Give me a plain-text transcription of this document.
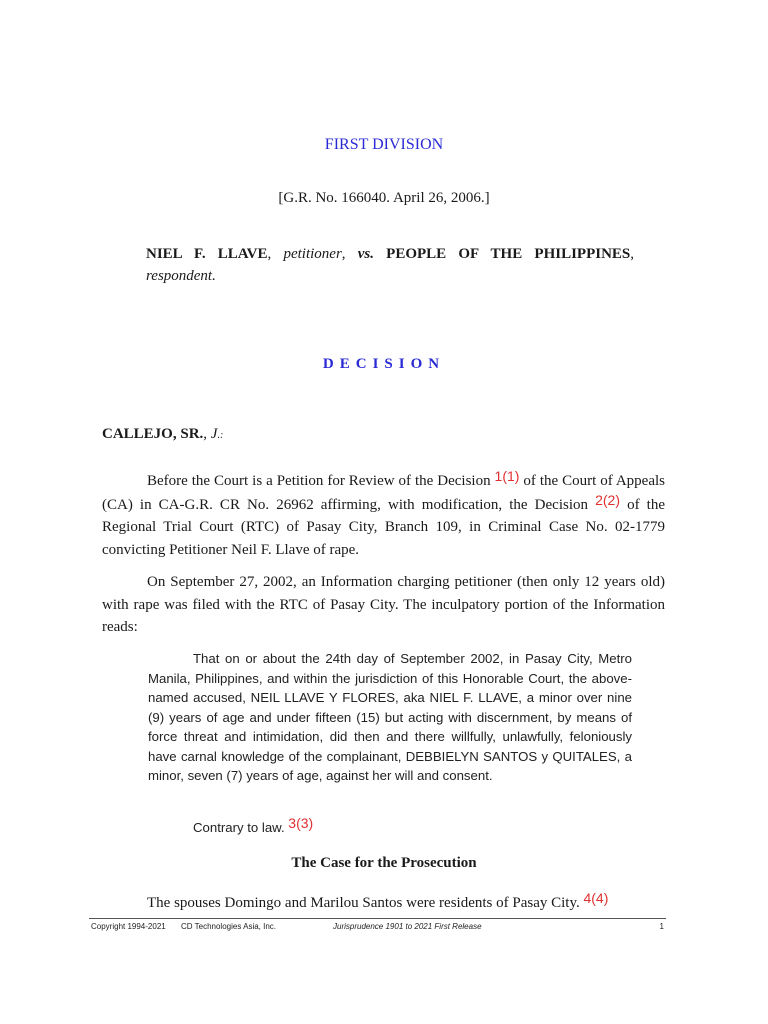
FIRST DIVISION
[G.R. No. 166040. April 26, 2006.]
NIEL F. LLAVE, petitioner, vs. PEOPLE OF THE PHILIPPINES, respondent.
DECISION
CALLEJO, SR., J.:
Before the Court is a Petition for Review of the Decision 1(1) of the Court of Appeals (CA) in CA-G.R. CR No. 26962 affirming, with modification, the Decision 2(2) of the Regional Trial Court (RTC) of Pasay City, Branch 109, in Criminal Case No. 02-1779 convicting Petitioner Neil F. Llave of rape.
On September 27, 2002, an Information charging petitioner (then only 12 years old) with rape was filed with the RTC of Pasay City. The inculpatory portion of the Information reads:
That on or about the 24th day of September 2002, in Pasay City, Metro Manila, Philippines, and within the jurisdiction of this Honorable Court, the above-named accused, NEIL LLAVE Y FLORES, aka NIEL F. LLAVE, a minor over nine (9) years of age and under fifteen (15) but acting with discernment, by means of force threat and intimidation, did then and there willfully, unlawfully, feloniously have carnal knowledge of the complainant, DEBBIELYN SANTOS y QUITALES, a minor, seven (7) years of age, against her will and consent.
Contrary to law. 3(3)
The Case for the Prosecution
The spouses Domingo and Marilou Santos were residents of Pasay City. 4(4)
Copyright 1994-2021 CD Technologies Asia, Inc.	Jurisprudence 1901 to 2021 First Release	1
